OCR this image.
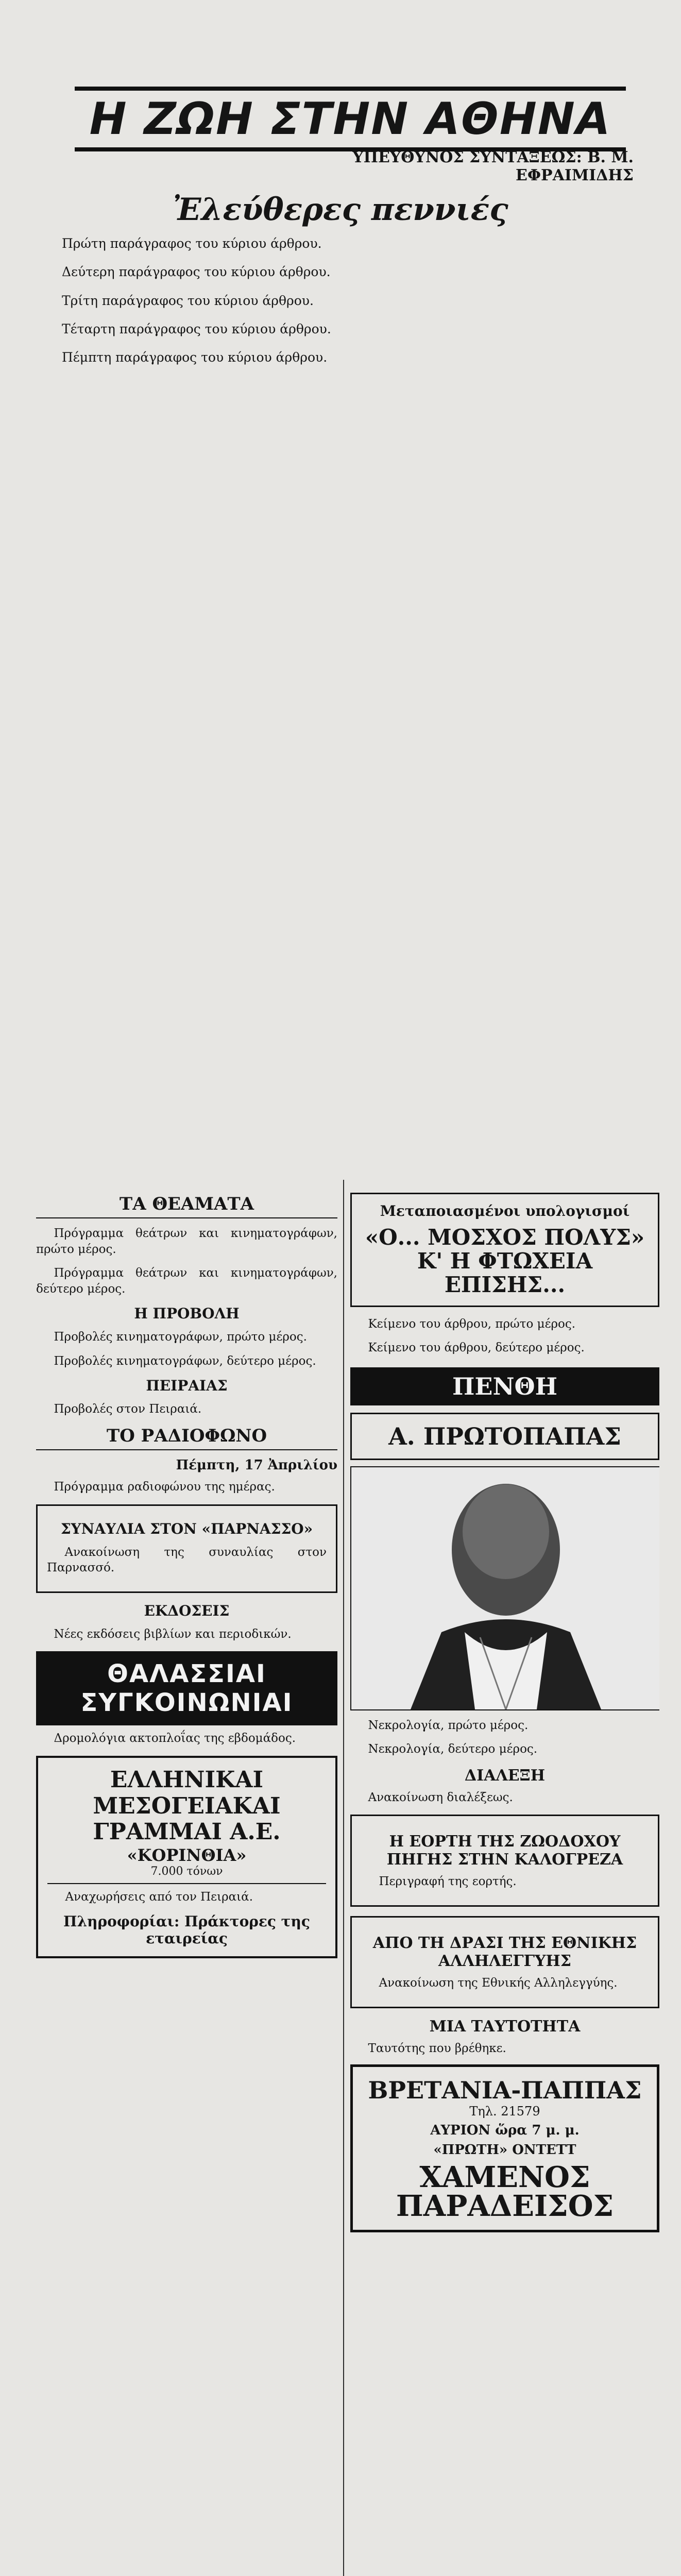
Η ΖΩΗ ΣΤΗΝ ΑΘΗΝΑ
ΥΠΕΥΘΥΝΟΣ ΣΥΝΤΑΞΕΩΣ: Β. Μ. ΕΦΡΑΙΜΙΔΗΣ
Ἐλεύθερες πεννιές

Πρώτη παράγραφος του κύριου άρθρου.

Δεύτερη παράγραφος του κύριου άρθρου.

Τρίτη παράγραφος του κύριου άρθρου.

Τέταρτη παράγραφος του κύριου άρθρου.

Πέμπτη παράγραφος του κύριου άρθρου.

ΤΑ ΘΕΑΜΑΤΑ

Πρόγραμμα θεάτρων και κινηματογράφων, πρώτο μέρος.

Πρόγραμμα θεάτρων και κινηματογράφων, δεύτερο μέρος.

Η ΠΡΟΒΟΛΗ

Προβολές κινηματογράφων, πρώτο μέρος.

Προβολές κινηματογράφων, δεύτερο μέρος.

ΠΕΙΡΑΙΑΣ

Προβολές στον Πειραιά.

ΤΟ ΡΑΔΙΟΦΩΝΟ
Πέμπτη, 17 Ἀπριλίου

Πρόγραμμα ραδιοφώνου της ημέρας.

ΣΥΝΑΥΛΙΑ ΣΤΟΝ «ΠΑΡΝΑΣΣΟ»

Ανακοίνωση της συναυλίας στον Παρνασσό.

ΕΚΔΟΣΕΙΣ

Νέες εκδόσεις βιβλίων και περιοδικών.

ΘΑΛΑΣΣΙΑΙ ΣΥΓΚΟΙΝΩΝΙΑΙ

Δρομολόγια ακτοπλοΐας της εβδομάδος.

ΕΛΛΗΝΙΚΑΙ ΜΕΣΟΓΕΙΑΚΑΙ ΓΡΑΜΜΑΙ Α.Ε.
«ΚΟΡΙΝΘΙΑ»
7.000 τόνων

Αναχωρήσεις από τον Πειραιά.

Πληροφορίαι: Πράκτορες της εταιρείας
Μεταποιασμένοι υπολογισμοί
«Ο... ΜΟΣΧΟΣ ΠΟΛΥΣ» Κ' Η ΦΤΩΧΕΙΑ ΕΠΙΣΗΣ...

Κείμενο του άρθρου, πρώτο μέρος.

Κείμενο του άρθρου, δεύτερο μέρος.

ΠΕΝΘΗ
Α. ΠΡΩΤΟΠΑΠΑΣ

Νεκρολογία, πρώτο μέρος.

Νεκρολογία, δεύτερο μέρος.

ΔΙΑΛΕΞΗ

Ανακοίνωση διαλέξεως.

Η ΕΟΡΤΗ ΤΗΣ ΖΩΟΔΟΧΟΥ ΠΗΓΗΣ ΣΤΗΝ ΚΑΛΟΓΡΕΖΑ

Περιγραφή της εορτής.

ΑΠΟ ΤΗ ΔΡΑΣΙ ΤΗΣ ΕΘΝΙΚΗΣ ΑΛΛΗΛΕΓΓΥΗΣ

Ανακοίνωση της Εθνικής Αλληλεγγύης.

ΜΙΑ ΤΑΥΤΟΤΗΤΑ

Ταυτότης που βρέθηκε.

ΒΡΕΤΑΝΙΑ-ΠΑΠΠΑΣ
Τηλ. 21579
ΑΥΡΙΟΝ ὥρα 7 μ. μ.
«ΠΡΩΤΗ» ΟΝΤΕΤΤ
ΧΑΜΕΝΟΣ ΠΑΡΑΔΕΙΣΟΣ
